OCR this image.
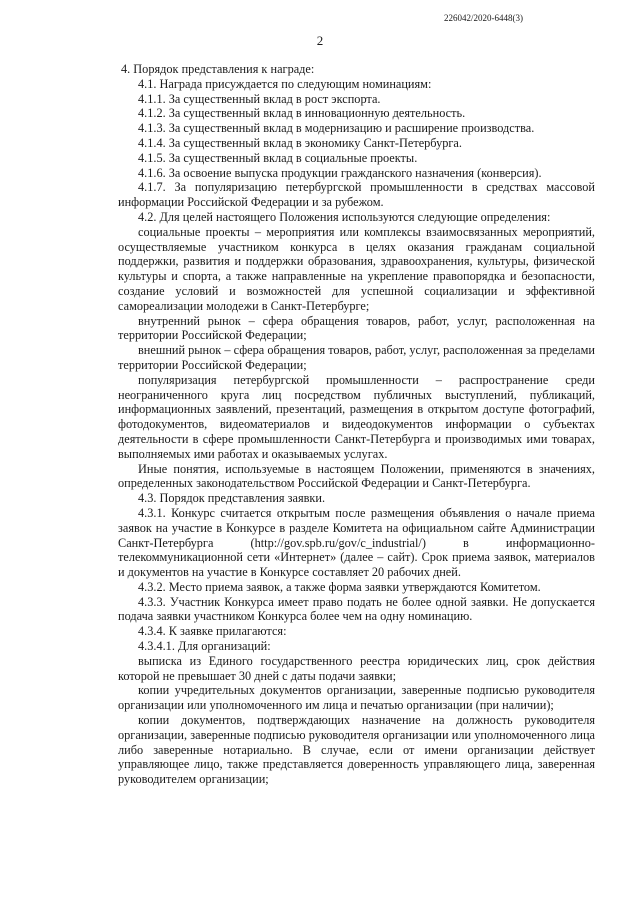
226042/2020-6448(3)
2

4. Порядок представления к награде:

4.1. Награда присуждается по следующим номинациям:

4.1.1. За существенный вклад в рост экспорта.

4.1.2. За существенный вклад в инновационную деятельность.

4.1.3. За существенный вклад в модернизацию и расширение производства.

4.1.4. За существенный вклад в экономику Санкт-Петербурга.

4.1.5. За существенный вклад в социальные проекты.

4.1.6. За освоение выпуска продукции гражданского назначения (конверсия).

4.1.7. За популяризацию петербургской промышленности в средствах массовой информации Российской Федерации и за рубежом.

4.2. Для целей настоящего Положения используются следующие определения:

социальные проекты – мероприятия или комплексы взаимосвязанных мероприятий, осуществляемые участником конкурса в целях оказания гражданам социальной поддержки, развития и поддержки образования, здравоохранения, культуры, физической культуры и спорта, а также направленные на укрепление правопорядка и безопасности, создание условий и возможностей для успешной социализации и эффективной самореализации молодежи в Санкт-Петербурге;

внутренний рынок – сфера обращения товаров, работ, услуг, расположенная на территории Российской Федерации;

внешний рынок – сфера обращения товаров, работ, услуг, расположенная за пределами территории Российской Федерации;

популяризация петербургской промышленности – распространение среди неограниченного круга лиц посредством публичных выступлений, публикаций, информационных заявлений, презентаций, размещения в открытом доступе фотографий, фотодокументов, видеоматериалов и видеодокументов информации о субъектах деятельности в сфере промышленности Санкт-Петербурга и производимых ими товарах, выполняемых ими работах и оказываемых услугах.

Иные понятия, используемые в настоящем Положении, применяются в значениях, определенных законодательством Российской Федерации и Санкт-Петербурга.

4.3. Порядок представления заявки.

4.3.1. Конкурс считается открытым после размещения объявления о начале приема заявок на участие в Конкурсе в разделе Комитета на официальном сайте Администрации Санкт-Петербурга (http://gov.spb.ru/gov/c_industrial/) в информационно-телекоммуникационной сети «Интернет» (далее – сайт). Срок приема заявок, материалов и документов на участие в Конкурсе составляет 20 рабочих дней.

4.3.2. Место приема заявок, а также форма заявки утверждаются Комитетом.

4.3.3. Участник Конкурса имеет право подать не более одной заявки. Не допускается подача заявки участником Конкурса более чем на одну номинацию.

4.3.4. К заявке прилагаются:

4.3.4.1. Для организаций:

выписка из Единого государственного реестра юридических лиц, срок действия которой не превышает 30 дней с даты подачи заявки;

копии учредительных документов организации, заверенные подписью руководителя организации или уполномоченного им лица и печатью организации (при наличии);

копии документов, подтверждающих назначение на должность руководителя организации, заверенные подписью руководителя организации или уполномоченного лица либо заверенные нотариально. В случае, если от имени организации действует управляющее лицо, также представляется доверенность управляющего лица, заверенная руководителем организации;
